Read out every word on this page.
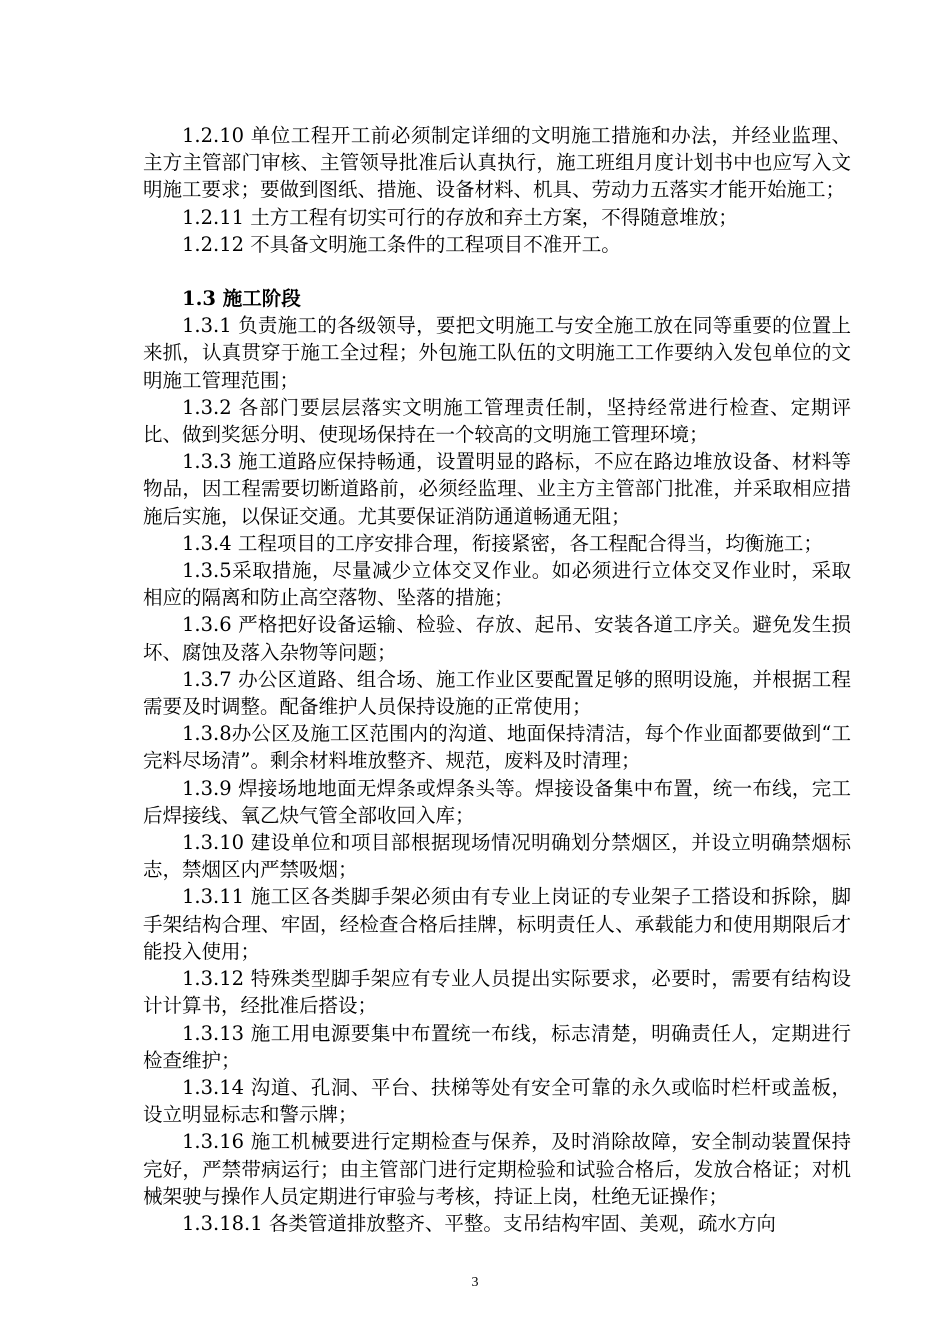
1.2.10 单位工程开工前必须制定详细的文明施工措施和办法，并经业监理、主方主管部门审核、主管领导批准后认真执行，施工班组月度计划书中也应写入文明施工要求；要做到图纸、措施、设备材料、机具、劳动力五落实才能开始施工；

1.2.11 土方工程有切实可行的存放和弃土方案，不得随意堆放；

1.2.12 不具备文明施工条件的工程项目不准开工。

1.3 施工阶段

1.3.1 负责施工的各级领导，要把文明施工与安全施工放在同等重要的位置上来抓，认真贯穿于施工全过程；外包施工队伍的文明施工工作要纳入发包单位的文明施工管理范围；

1.3.2 各部门要层层落实文明施工管理责任制，坚持经常进行检查、定期评比、做到奖惩分明、使现场保持在一个较高的文明施工管理环境；

1.3.3 施工道路应保持畅通，设置明显的路标，不应在路边堆放设备、材料等物品，因工程需要切断道路前，必须经监理、业主方主管部门批准，并采取相应措施后实施，以保证交通。尤其要保证消防通道畅通无阻；

1.3.4 工程项目的工序安排合理，衔接紧密，各工程配合得当，均衡施工；

1.3.5采取措施，尽量减少立体交叉作业。如必须进行立体交叉作业时，采取相应的隔离和防止高空落物、坠落的措施；

1.3.6 严格把好设备运输、检验、存放、起吊、安装各道工序关。避免发生损坏、腐蚀及落入杂物等问题；

1.3.7 办公区道路、组合场、施工作业区要配置足够的照明设施，并根据工程需要及时调整。配备维护人员保持设施的正常使用；

1.3.8办公区及施工区范围内的沟道、地面保持清洁，每个作业面都要做到“工完料尽场清”。剩余材料堆放整齐、规范，废料及时清理；

1.3.9 焊接场地地面无焊条或焊条头等。焊接设备集中布置，统一布线，完工后焊接线、氧乙炔气管全部收回入库；

1.3.10 建设单位和项目部根据现场情况明确划分禁烟区，并设立明确禁烟标志，禁烟区内严禁吸烟；

1.3.11 施工区各类脚手架必须由有专业上岗证的专业架子工搭设和拆除，脚手架结构合理、牢固，经检查合格后挂牌，标明责任人、承载能力和使用期限后才能投入使用；

1.3.12 特殊类型脚手架应有专业人员提出实际要求，必要时，需要有结构设计计算书，经批准后搭设；

1.3.13 施工用电源要集中布置统一布线，标志清楚，明确责任人，定期进行检查维护；

1.3.14 沟道、孔洞、平台、扶梯等处有安全可靠的永久或临时栏杆或盖板，设立明显标志和警示牌；

1.3.16 施工机械要进行定期检查与保养，及时消除故障，安全制动装置保持完好，严禁带病运行；由主管部门进行定期检验和试验合格后，发放合格证；对机械架驶与操作人员定期进行审验与考核，持证上岗，杜绝无证操作；

1.3.18.1 各类管道排放整齐、平整。支吊结构牢固、美观，疏水方向

3
